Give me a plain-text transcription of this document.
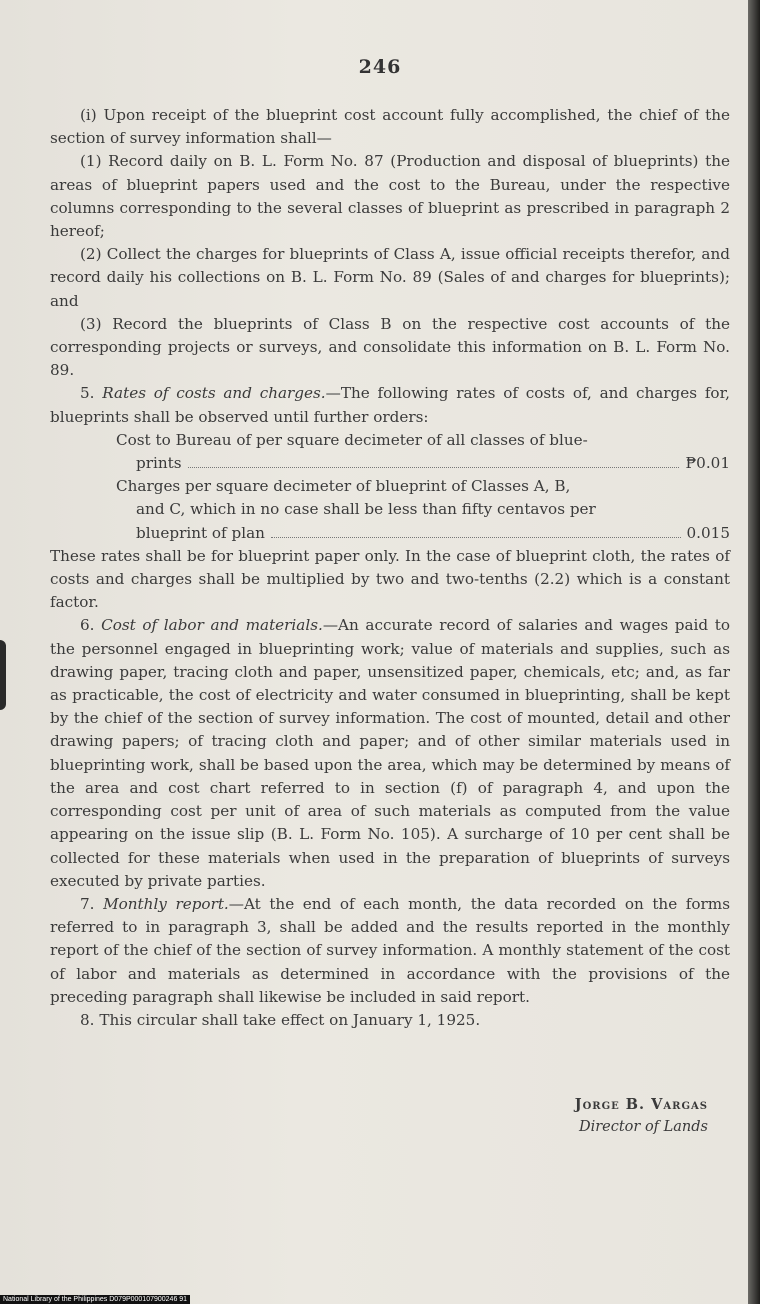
246

(i) Upon receipt of the blueprint cost account fully accomplished, the chief of the section of survey information shall—

(1) Record daily on B. L. Form No. 87 (Production and disposal of blueprints) the areas of blueprint papers used and the cost to the Bureau, under the respective columns corresponding to the several classes of blueprint as prescribed in paragraph 2 hereof;

(2) Collect the charges for blueprints of Class A, issue official receipts therefor, and record daily his collections on B. L. Form No. 89 (Sales of and charges for blueprints); and

(3) Record the blueprints of Class B on the respective cost accounts of the corresponding projects or surveys, and consolidate this information on B. L. Form No. 89.

5. Rates of costs and charges.—The following rates of costs of, and charges for, blueprints shall be observed until further orders:

Cost to Bureau of per square decimeter of all classes of blue-

prints	₱0.01

Charges per square decimeter of blueprint of Classes A, B,

and C, which in no case shall be less than fifty centavos per

blueprint of plan	0.015

These rates shall be for blueprint paper only. In the case of blueprint cloth, the rates of costs and charges shall be multiplied by two and two-tenths (2.2) which is a constant factor.

6. Cost of labor and materials.—An accurate record of salaries and wages paid to the personnel engaged in blueprinting work; value of materials and supplies, such as drawing paper, tracing cloth and paper, unsensitized paper, chemicals, etc; and, as far as practicable, the cost of electricity and water consumed in blueprinting, shall be kept by the chief of the section of survey information. The cost of mounted, detail and other drawing papers; of tracing cloth and paper; and of other similar materials used in blueprinting work, shall be based upon the area, which may be determined by means of the area and cost chart referred to in section (f) of paragraph 4, and upon the corresponding cost per unit of area of such materials as computed from the value appearing on the issue slip (B. L. Form No. 105). A surcharge of 10 per cent shall be collected for these materials when used in the preparation of blueprints of surveys executed by private parties.

7. Monthly report.—At the end of each month, the data recorded on the forms referred to in paragraph 3, shall be added and the results reported in the monthly report of the chief of the section of survey information. A monthly statement of the cost of labor and materials as determined in accordance with the provisions of the preceding paragraph shall likewise be included in said report.

8. This circular shall take effect on January 1, 1925.

Jorge B. Vargas
Director of Lands
National Library of the Philippines D079P000107900246 91
